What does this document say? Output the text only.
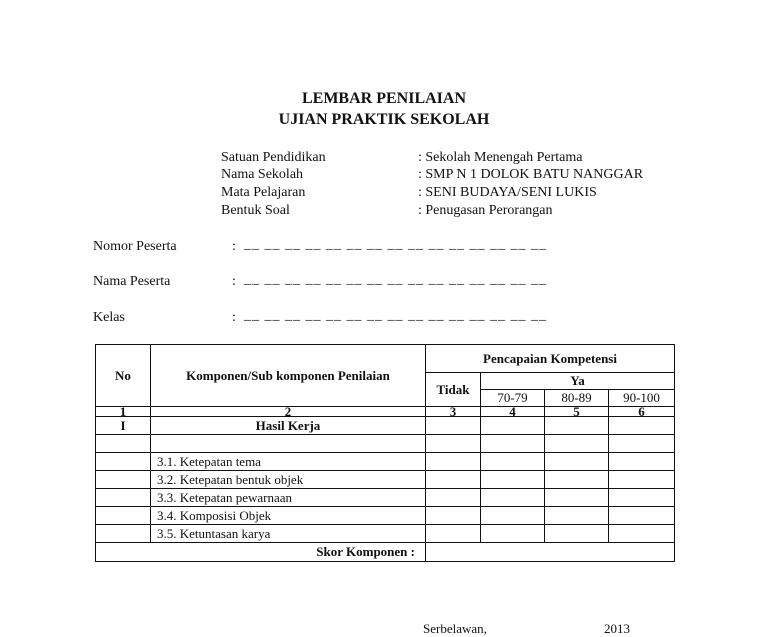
LEMBAR PENILAIAN
UJIAN PRAKTIK SEKOLAH
Satuan Pendidikan	: Sekolah Menengah Pertama
Nama Sekolah	: SMP N 1 DOLOK BATU NANGGAR
Mata Pelajaran	: SENI BUDAYA/SENI LUKIS
Bentuk Soal	: Penugasan Perorangan
Nomor Peserta	: __ __ __ __ __ __ __ __ __ __ __ __ __ __ __
Nama Peserta	: __ __ __ __ __ __ __ __ __ __ __ __ __ __ __
Kelas	: __ __ __ __ __ __ __ __ __ __ __ __ __ __ __
No	Komponen/Sub komponen Penilaian	Pencapaian Kompetensi			
		Tidak	Ya		
			70-79	80-89	90-100
1	2	3	4	5	6
I	Hasil Kerja				

	3.1. Ketepatan tema				
	3.2. Ketepatan bentuk objek				
	3.3. Ketepatan pewarnaan				
	3.4. Komposisi Objek				
	3.5. Ketuntasan karya				
	Skor Komponen :				
Serbelawan,	2013
